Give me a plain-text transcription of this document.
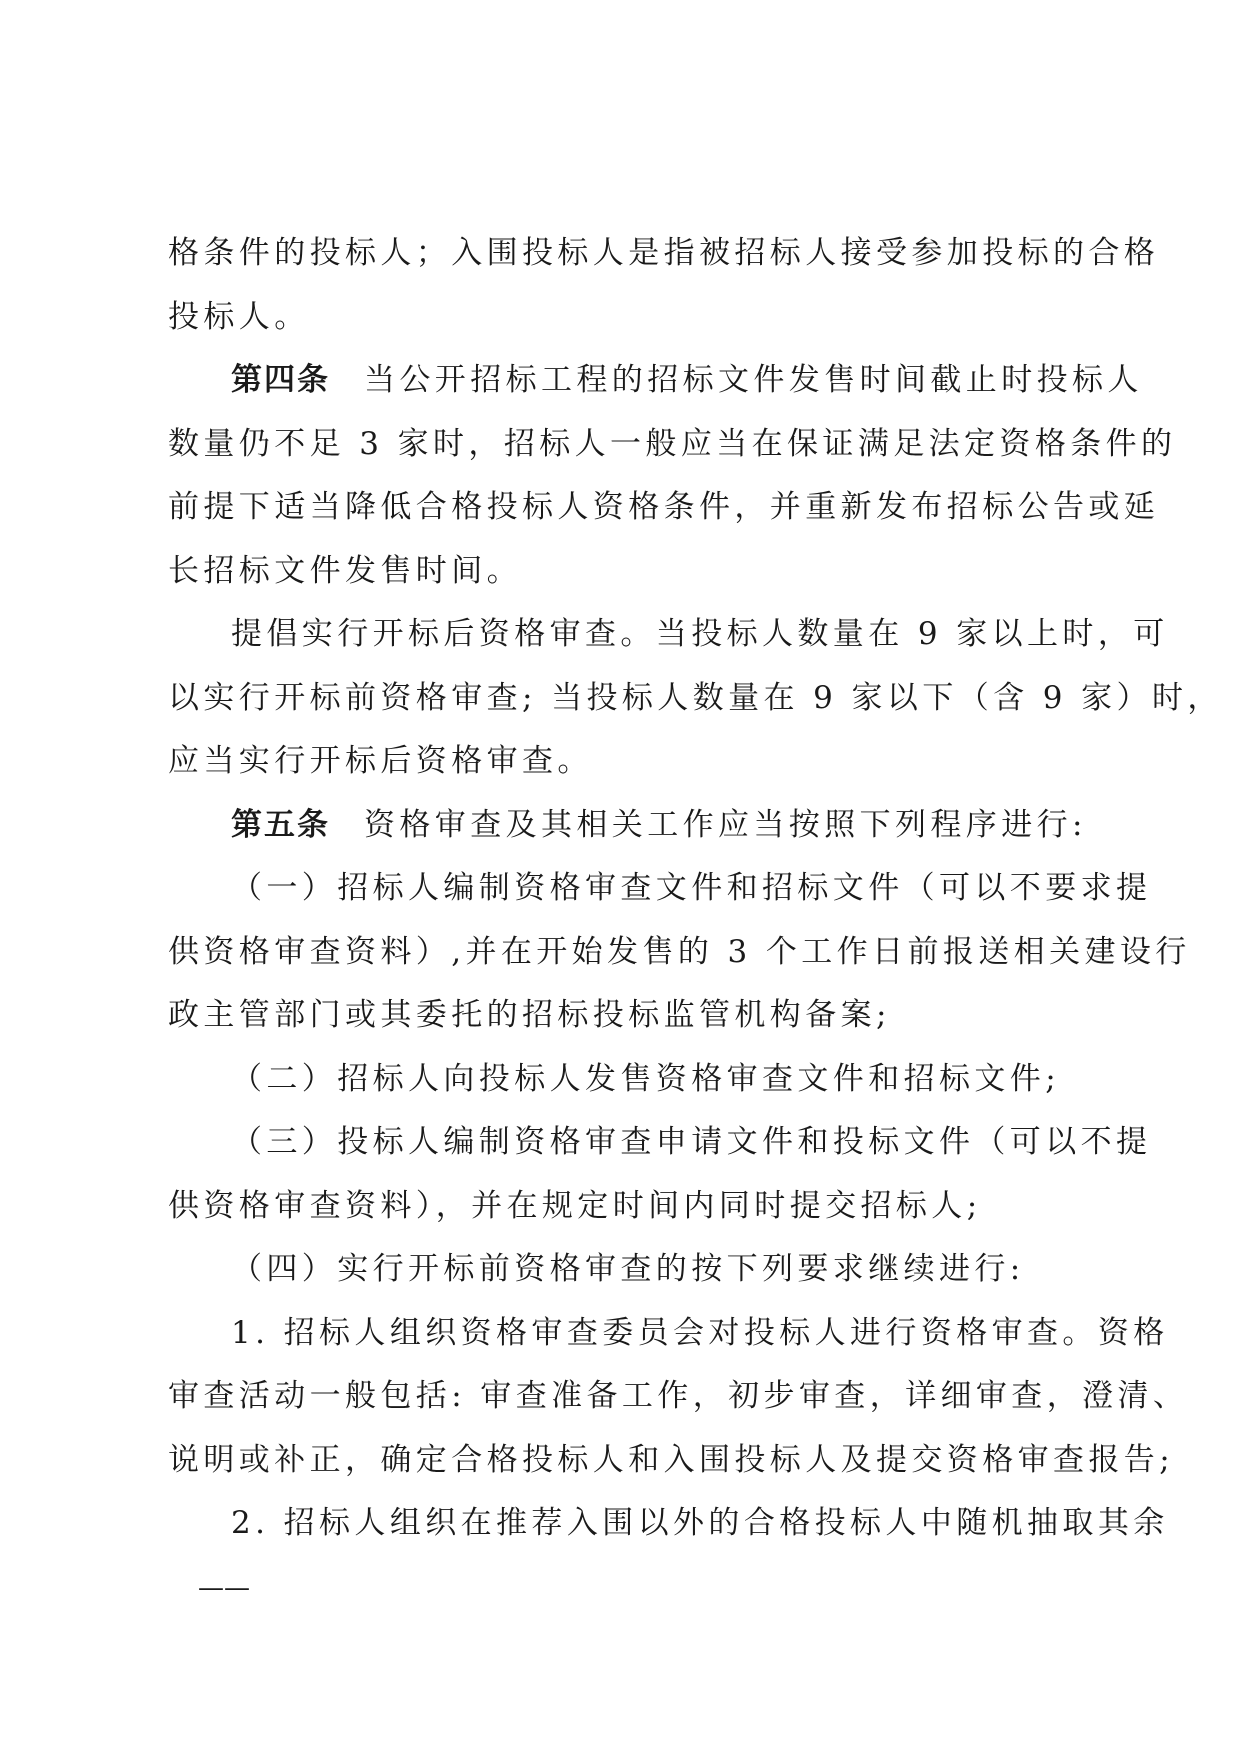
格条件的投标人；入围投标人是指被招标人接受参加投标的合格
投标人。
第四条 当公开招标工程的招标文件发售时间截止时投标人
数量仍不足 3 家时，招标人一般应当在保证满足法定资格条件的
前提下适当降低合格投标人资格条件，并重新发布招标公告或延
长招标文件发售时间。
提倡实行开标后资格审查。当投标人数量在 9 家以上时，可
以实行开标前资格审查; 当投标人数量在 9 家以下（含 9 家）时，
应当实行开标后资格审查。
第五条 资格审查及其相关工作应当按照下列程序进行:
（一）招标人编制资格审查文件和招标文件（可以不要求提
供资格审查资料）,并在开始发售的 3 个工作日前报送相关建设行
政主管部门或其委托的招标投标监管机构备案;
（二）招标人向投标人发售资格审查文件和招标文件;
（三）投标人编制资格审查申请文件和投标文件（可以不提
供资格审查资料），并在规定时间内同时提交招标人;
（四）实行开标前资格审查的按下列要求继续进行:
1. 招标人组织资格审查委员会对投标人进行资格审查。资格
审查活动一般包括: 审查准备工作，初步审查，详细审查，澄清、
说明或补正，确定合格投标人和入围投标人及提交资格审查报告;
2. 招标人组织在推荐入围以外的合格投标人中随机抽取其余
——
